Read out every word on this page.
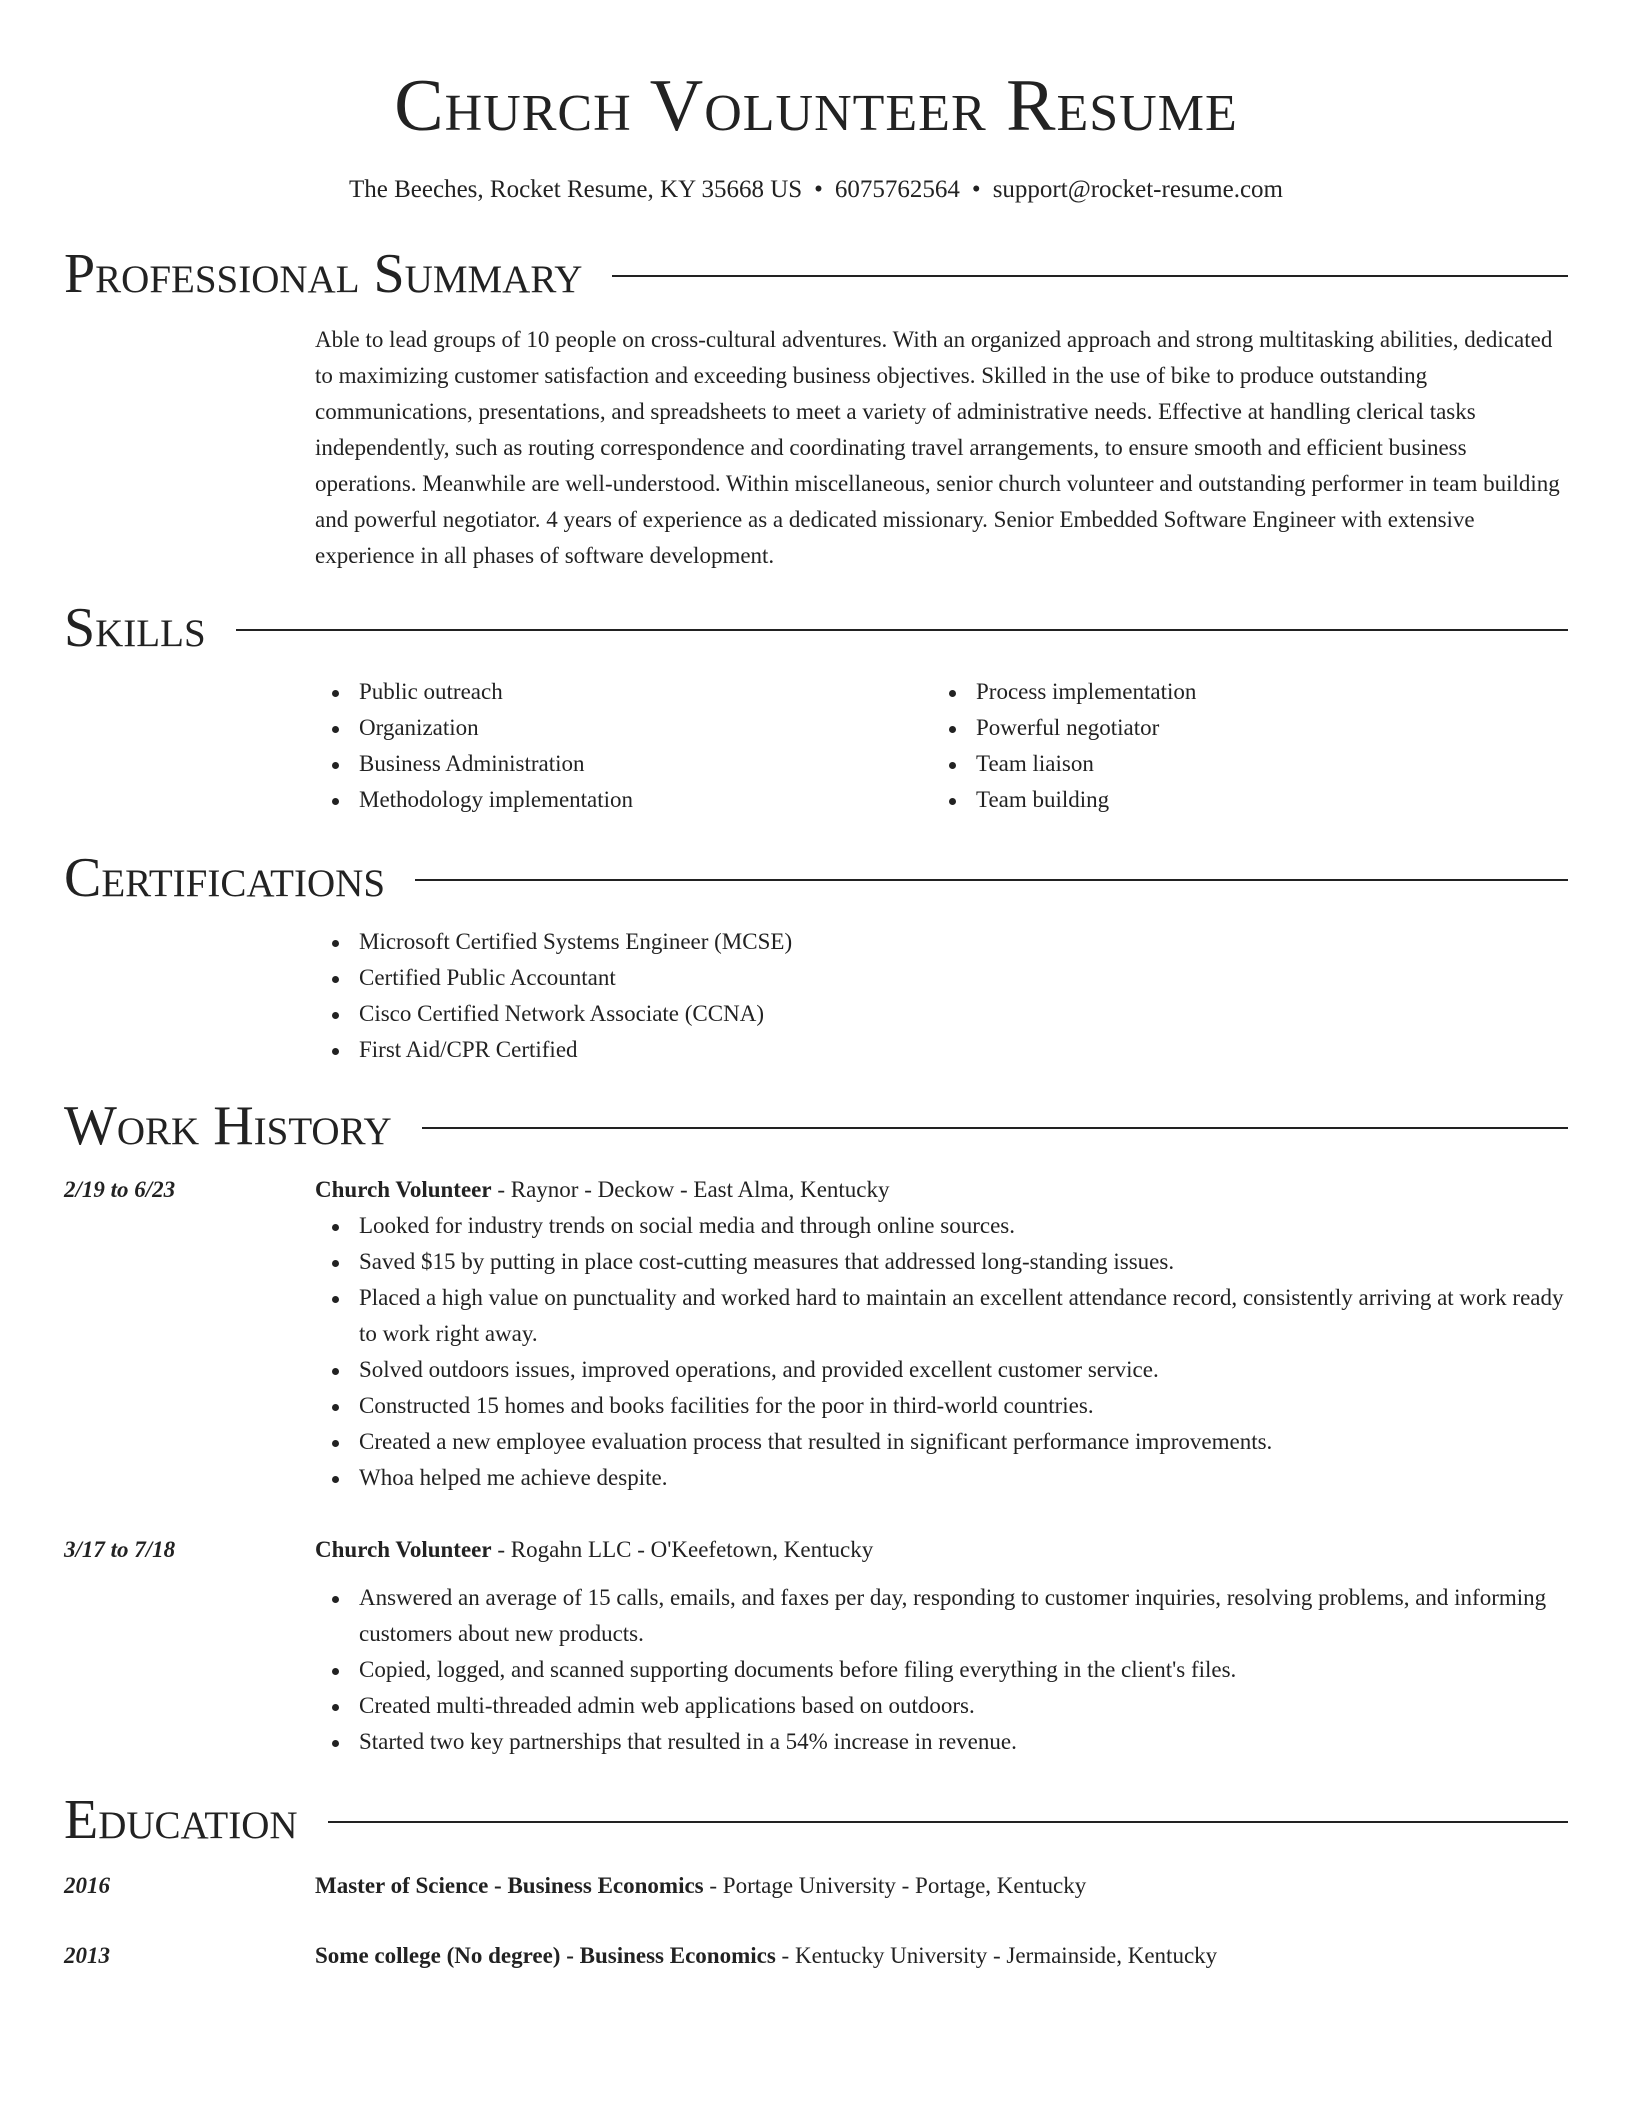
Church Volunteer Resume
The Beeches, Rocket Resume, KY 35668 US • 6075762564 • support@rocket-resume.com
Professional Summary
Able to lead groups of 10 people on cross-cultural adventures. With an organized approach and strong multitasking abilities, dedicated to maximizing customer satisfaction and exceeding business objectives. Skilled in the use of bike to produce outstanding communications, presentations, and spreadsheets to meet a variety of administrative needs. Effective at handling clerical tasks independently, such as routing correspondence and coordinating travel arrangements, to ensure smooth and efficient business operations. Meanwhile are well-understood. Within miscellaneous, senior church volunteer and outstanding performer in team building and powerful negotiator. 4 years of experience as a dedicated missionary. Senior Embedded Software Engineer with extensive experience in all phases of software development.
Skills
Public outreach
Organization
Business Administration
Methodology implementation
Process implementation
Powerful negotiator
Team liaison
Team building
Certifications
Microsoft Certified Systems Engineer (MCSE)
Certified Public Accountant
Cisco Certified Network Associate (CCNA)
First Aid/CPR Certified
Work History
2/19 to 6/23	Church Volunteer - Raynor - Deckow - East Alma, Kentucky
Looked for industry trends on social media and through online sources.
Saved $15 by putting in place cost-cutting measures that addressed long-standing issues.
Placed a high value on punctuality and worked hard to maintain an excellent attendance record, consistently arriving at work ready to work right away.
Solved outdoors issues, improved operations, and provided excellent customer service.
Constructed 15 homes and books facilities for the poor in third-world countries.
Created a new employee evaluation process that resulted in significant performance improvements.
Whoa helped me achieve despite.
3/17 to 7/18	Church Volunteer - Rogahn LLC - O'Keefetown, Kentucky
Answered an average of 15 calls, emails, and faxes per day, responding to customer inquiries, resolving problems, and informing customers about new products.
Copied, logged, and scanned supporting documents before filing everything in the client's files.
Created multi-threaded admin web applications based on outdoors.
Started two key partnerships that resulted in a 54% increase in revenue.
Education
2016	Master of Science - Business Economics - Portage University - Portage, Kentucky
2013	Some college (No degree) - Business Economics - Kentucky University - Jermainside, Kentucky
